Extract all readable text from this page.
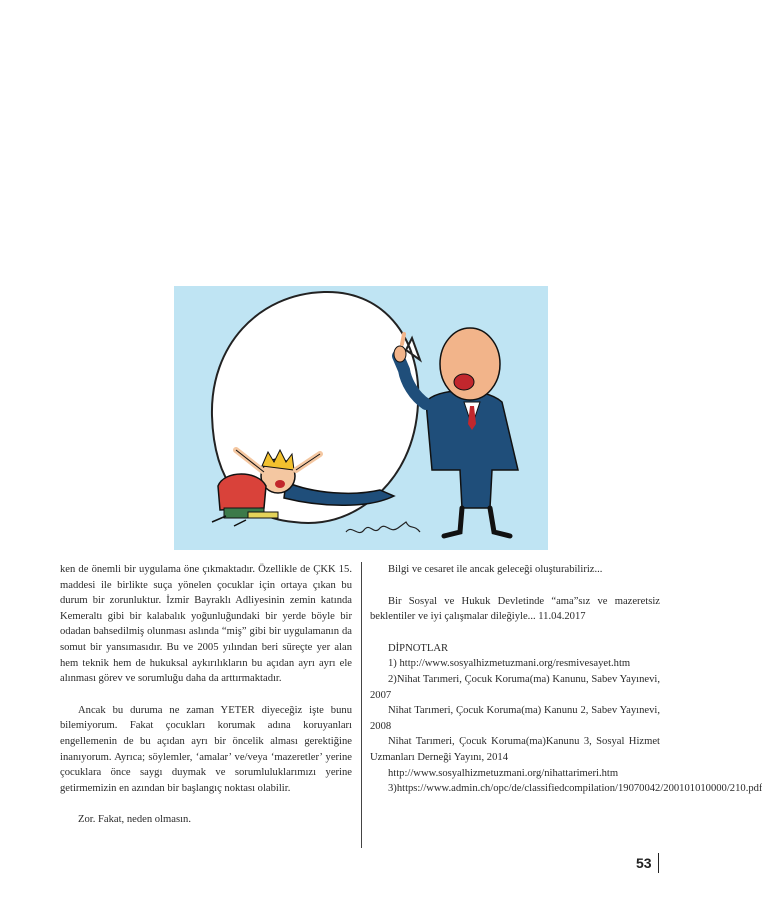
ken de önemli bir uygulama öne çıkmaktadır. Özellikle de ÇKK 15. maddesi ile birlikte suça yönelen çocuklar için ortaya çıkan bu durum bir zorunluktur. İzmir Bayraklı Adliyesinin zemin katında Kemeraltı gibi bir kalabalık yoğunluğundaki bir yerde böyle bir odadan bahsedilmiş olunması aslında “miş” gibi bir uygulamanın da somut bir yansımasıdır. Bu ve 2005 yılından beri süreçte yer alan hem teknik hem de hukuksal aykırılıkların bu açıdan ayrı ayrı ele alınması görev ve sorumluğu daha da arttırmaktadır.

Ancak bu duruma ne zaman YETER diyeceğiz işte bunu bilemiyorum. Fakat çocukları korumak adına koruyanları engellemenin de bu açıdan ayrı bir öncelik alması gerektiğine inanıyorum. Ayrıca; söylemler, ‘amalar’ ve/veya ‘mazeretler’ yerine çocuklara önce saygı duymak ve sorumluluklarımızı yerine getirmemizin en azından bir başlangıç noktası olabilir.

Zor. Fakat, neden olmasın.

Bilgi ve cesaret ile ancak geleceği oluşturabiliriz...

Bir Sosyal ve Hukuk Devletinde “ama”sız ve mazeretsiz beklentiler ve iyi çalışmalar dileğiyle... 11.04.2017

DİPNOTLAR

1) http://www.sosyalhizmetuzmani.org/resmivesayet.htm

2)Nihat Tarımeri, Çocuk Koruma(ma) Kanunu, Sabev Yayınevi, 2007

Nihat Tarımeri, Çocuk Koruma(ma) Kanunu 2, Sabev Yayınevi, 2008

Nihat Tarımeri, Çocuk Koruma(ma)Kanunu 3, Sosyal Hizmet Uzmanları Derneği Yayını, 2014

http://www.sosyalhizmetuzmani.org/nihattarimeri.htm

3)https://www.admin.ch/opc/de/classifiedcompilation/19070042/200101010000/210.pdf

53
